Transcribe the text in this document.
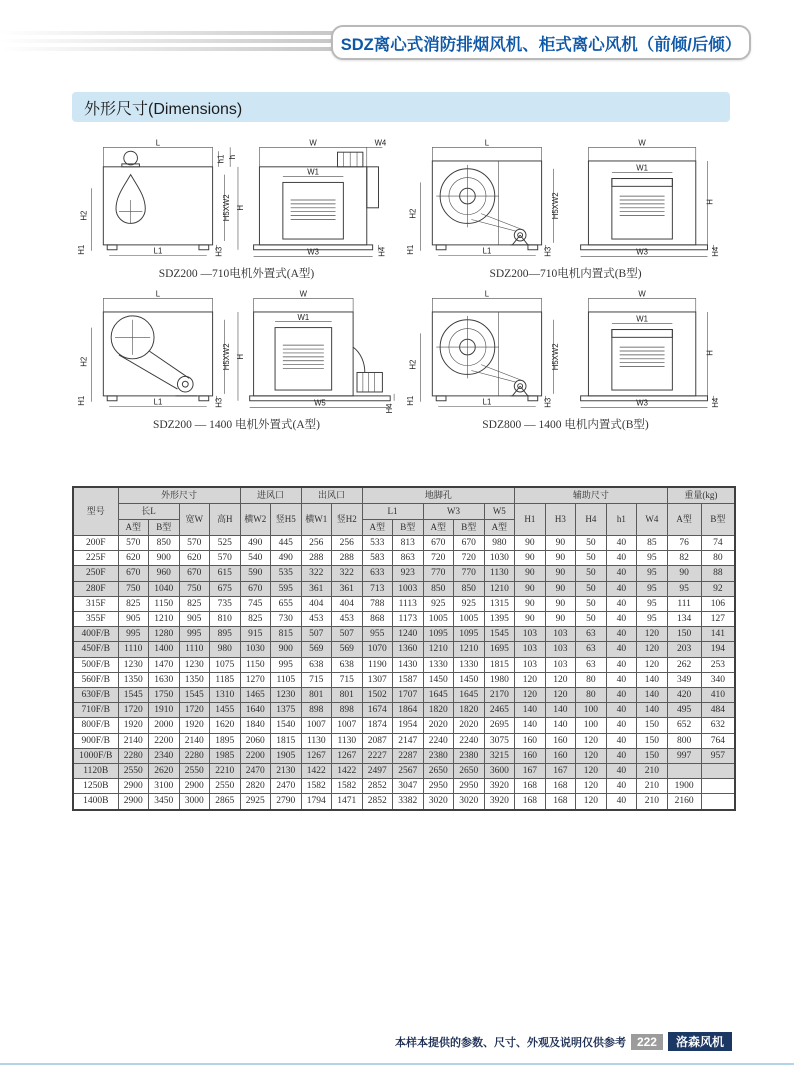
SDZ离心式消防排烟风机、柜式离心风机（前倾/后倾）
外形尺寸(Dimensions)
L
h1 h
H2
H1	L1	H3
H5XW2 H
W	W4
W1
W3	H4
SDZ200 —710电机外置式(A型)
L
H2
H1	L1	H3
H5XW2
W
W1
H
W3	H4
SDZ200—710电机内置式(B型)
L
H2
H1	L1	H3
H5XW2 H
W
W1
W5
H4
SDZ200 — 1400 电机外置式(A型)
L
H2
H1	L1	H3
H5XW2
W
W1
H
W3	H4
SDZ800 — 1400 电机内置式(B型)
型号	外形尺寸				进风口		出风口		地脚孔					辅助尺寸					重量(kg)	
	长L		宽W	高H	横W2	竖H5	横W1	竖H2	L1		W3		W5	H1	H3	H4	h1	W4	A型	B型
	A型	B型							A型	B型	A型	B型	A型							
200F	570	850	570	525	490	445	256	256	533	813	670	670	980	90	90	50	40	85	76	74
225F	620	900	620	570	540	490	288	288	583	863	720	720	1030	90	90	50	40	95	82	80
250F	670	960	670	615	590	535	322	322	633	923	770	770	1130	90	90	50	40	95	90	88
280F	750	1040	750	675	670	595	361	361	713	1003	850	850	1210	90	90	50	40	95	95	92
315F	825	1150	825	735	745	655	404	404	788	1113	925	925	1315	90	90	50	40	95	111	106
355F	905	1210	905	810	825	730	453	453	868	1173	1005	1005	1395	90	90	50	40	95	134	127
400F/B	995	1280	995	895	915	815	507	507	955	1240	1095	1095	1545	103	103	63	40	120	150	141
450F/B	1110	1400	1110	980	1030	900	569	569	1070	1360	1210	1210	1695	103	103	63	40	120	203	194
500F/B	1230	1470	1230	1075	1150	995	638	638	1190	1430	1330	1330	1815	103	103	63	40	120	262	253
560F/B	1350	1630	1350	1185	1270	1105	715	715	1307	1587	1450	1450	1980	120	120	80	40	140	349	340
630F/B	1545	1750	1545	1310	1465	1230	801	801	1502	1707	1645	1645	2170	120	120	80	40	140	420	410
710F/B	1720	1910	1720	1455	1640	1375	898	898	1674	1864	1820	1820	2465	140	140	100	40	140	495	484
800F/B	1920	2000	1920	1620	1840	1540	1007	1007	1874	1954	2020	2020	2695	140	140	100	40	150	652	632
900F/B	2140	2200	2140	1895	2060	1815	1130	1130	2087	2147	2240	2240	3075	160	160	120	40	150	800	764
1000F/B	2280	2340	2280	1985	2200	1905	1267	1267	2227	2287	2380	2380	3215	160	160	120	40	150	997	957
1120B	2550	2620	2550	2210	2470	2130	1422	1422	2497	2567	2650	2650	3600	167	167	120	40	210		
1250B	2900	3100	2900	2550	2820	2470	1582	1582	2852	3047	2950	2950	3920	168	168	120	40	210	1900	
1400B	2900	3450	3000	2865	2925	2790	1794	1471	2852	3382	3020	3020	3920	168	168	120	40	210	2160	
本样本提供的参数、尺寸、外观及说明仅供参考 222	洛森风机
